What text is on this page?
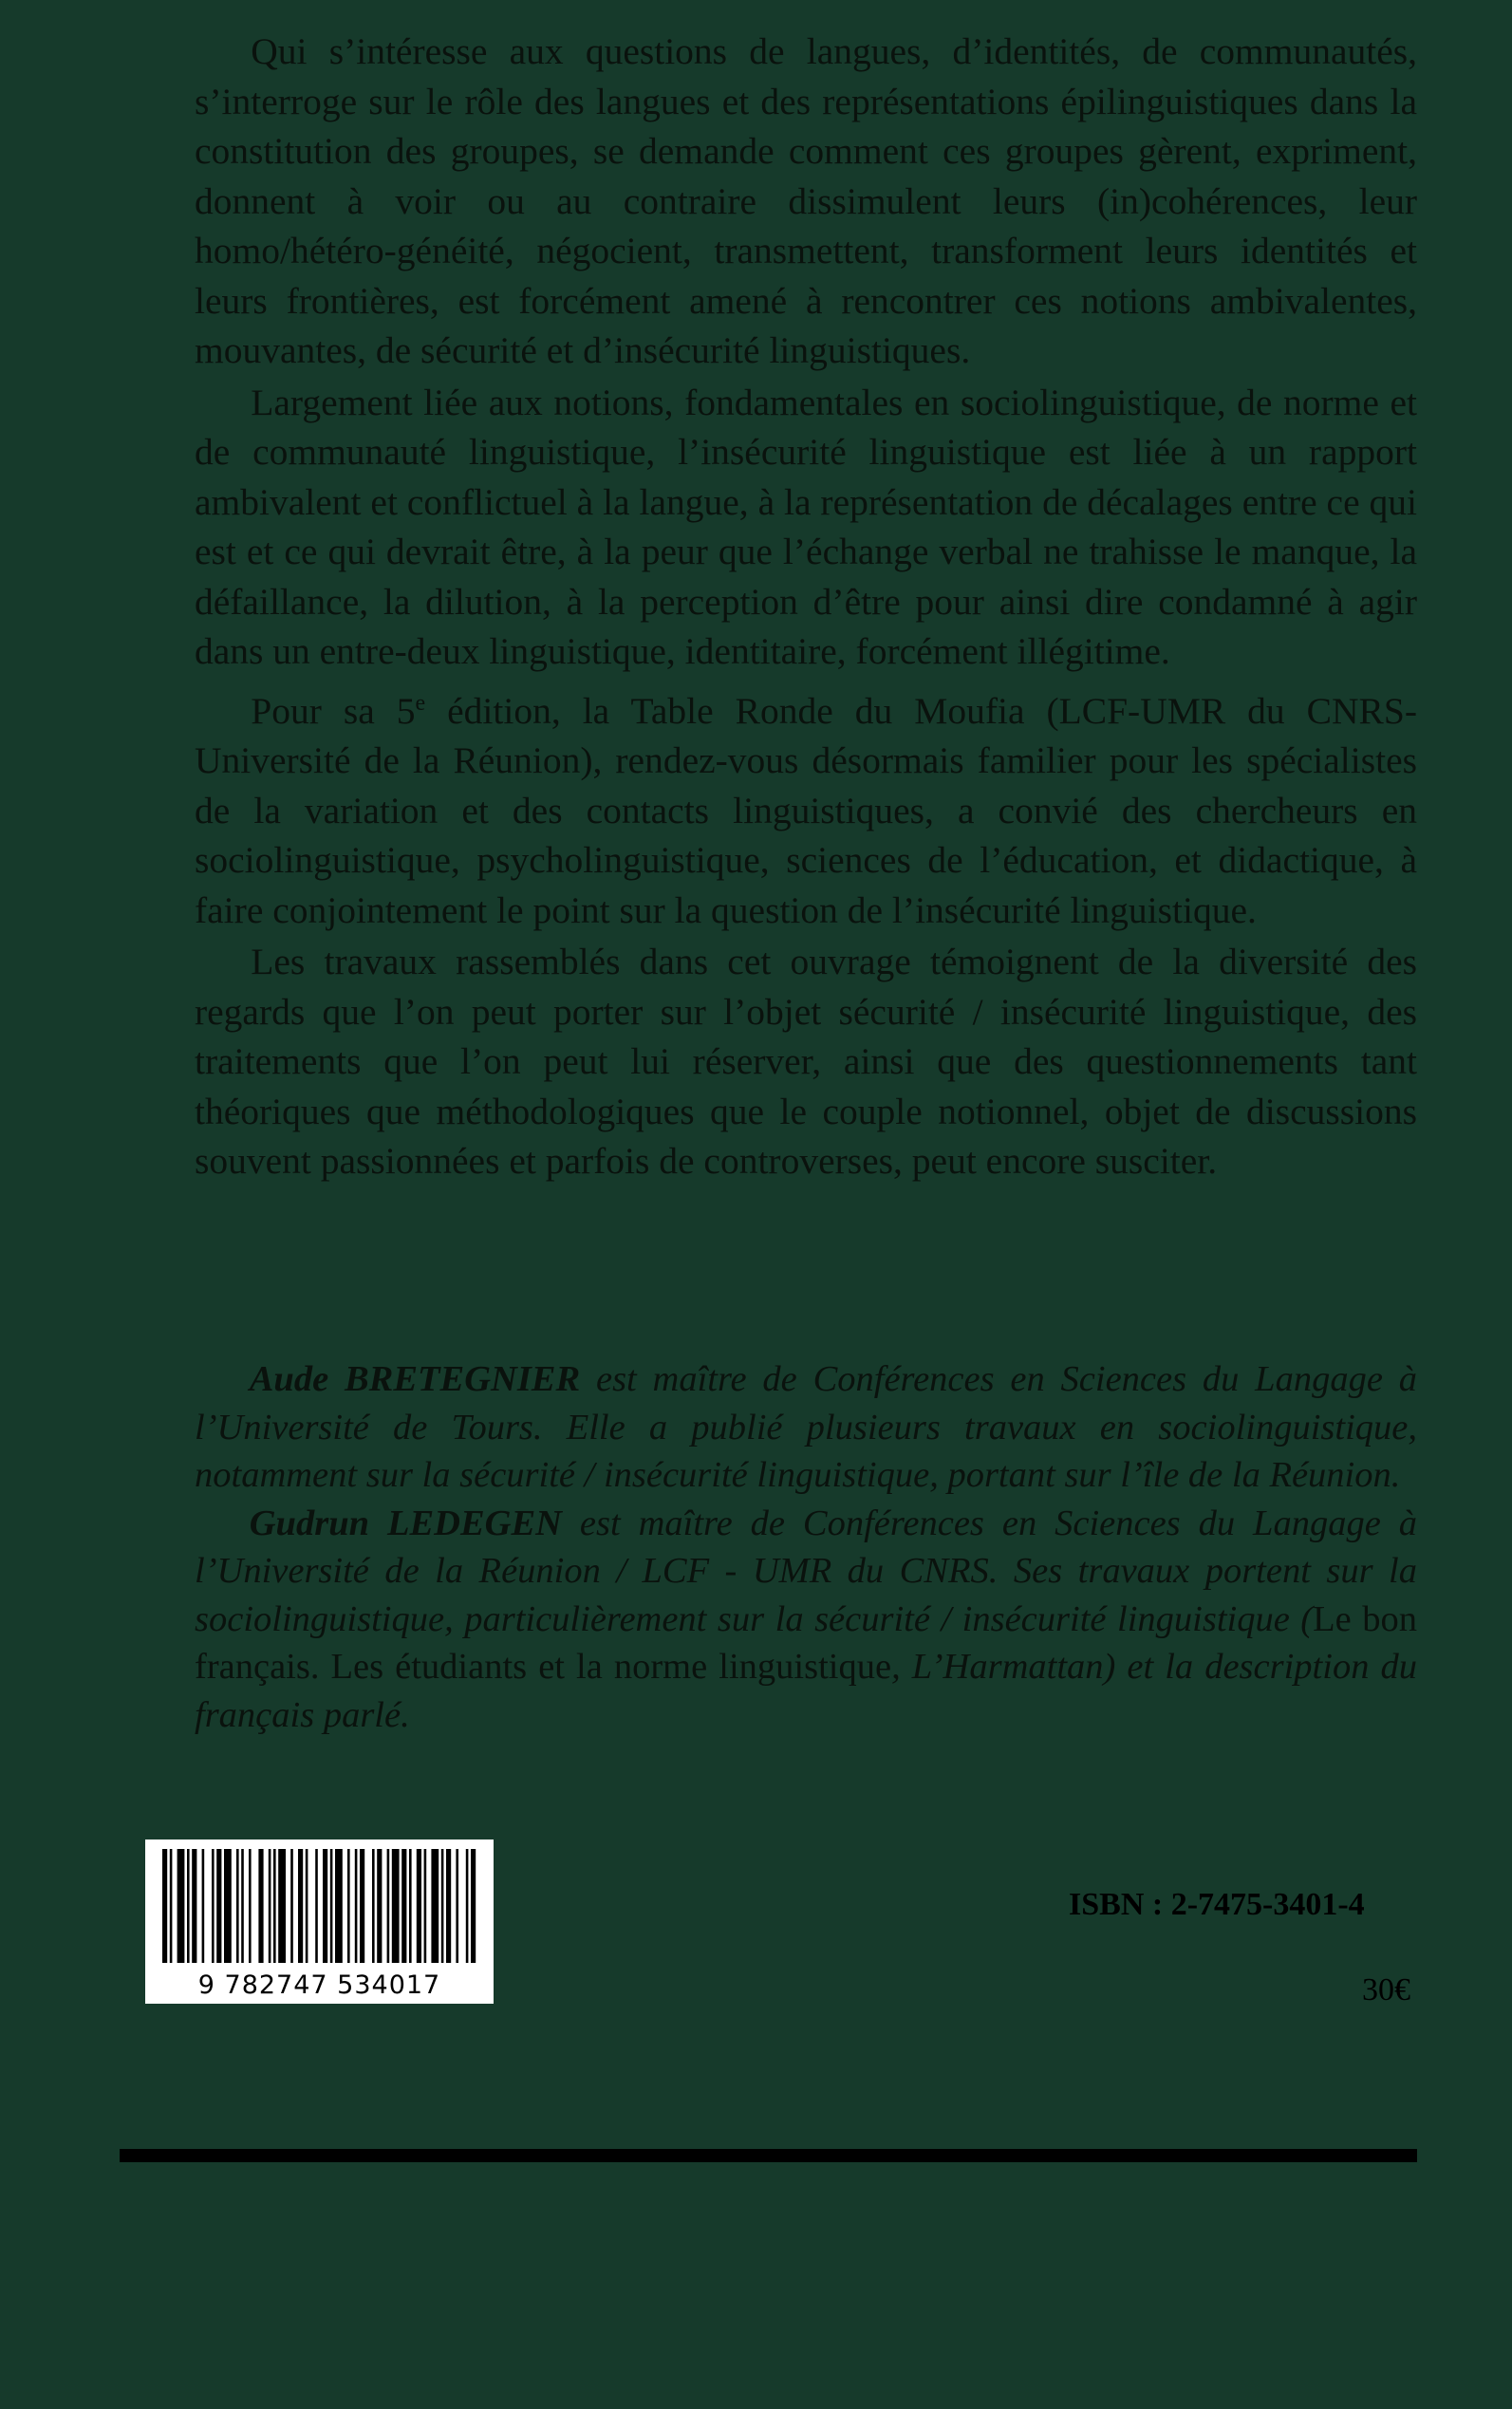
  Qui s’intéresse aux questions de langues, d’identités, de communautés, s’interroge sur le rôle des langues et des représentations épilinguistiques dans la constitution des groupes, se demande comment ces groupes gèrent, expriment, donnent à voir ou au contraire dissimulent leurs (in)cohérences, leur homo/hétéro-généité, négocient, transmettent, transforment leurs identités et leurs frontières, est forcément amené à rencontrer ces notions ambivalentes, mouvantes, de sécurité et d’insécurité linguistiques.

  Largement liée aux notions, fondamentales en sociolinguistique, de norme et de communauté linguistique, l’insécurité linguistique est liée à un rapport ambivalent et conflictuel à la langue, à la représentation de décalages entre ce qui est et ce qui devrait être, à la peur que l’échange verbal ne trahisse le manque, la défaillance, la dilution, à la perception d’être pour ainsi dire condamné à agir dans un entre-deux linguistique, identitaire, forcément illégitime.

  Pour sa 5e édition, la Table Ronde du Moufia (LCF-UMR du CNRS-Université de la Réunion), rendez-vous désormais familier pour les spécialistes de la variation et des contacts linguistiques, a convié des chercheurs en sociolinguistique, psycholinguistique, sciences de l’éducation, et didactique, à faire conjointement le point sur la question de l’insécurité linguistique.

  Les travaux rassemblés dans cet ouvrage témoignent de la diversité des regards que l’on peut porter sur l’objet sécurité / insécurité linguistique, des traitements que l’on peut lui réserver, ainsi que des questionnements tant théoriques que méthodologiques que le couple notionnel, objet de discussions souvent passionnées et parfois de controverses, peut encore susciter.

  Aude BRETEGNIER est maître de Conférences en Sciences du Langage à l’Université de Tours. Elle a publié plusieurs travaux en sociolinguistique, notamment sur la sécurité / insécurité linguistique, portant sur l’île de la Réunion.

  Gudrun LEDEGEN est maître de Conférences en Sciences du Langage à l’Université de la Réunion / LCF - UMR du CNRS. Ses travaux portent sur la sociolinguistique, particulièrement sur la sécurité / insécurité linguistique (Le bon français. Les étudiants et la norme linguistique, L’Harmattan) et la description du français parlé.

9 782747 534017
ISBN : 2-7475-3401-4
30€
